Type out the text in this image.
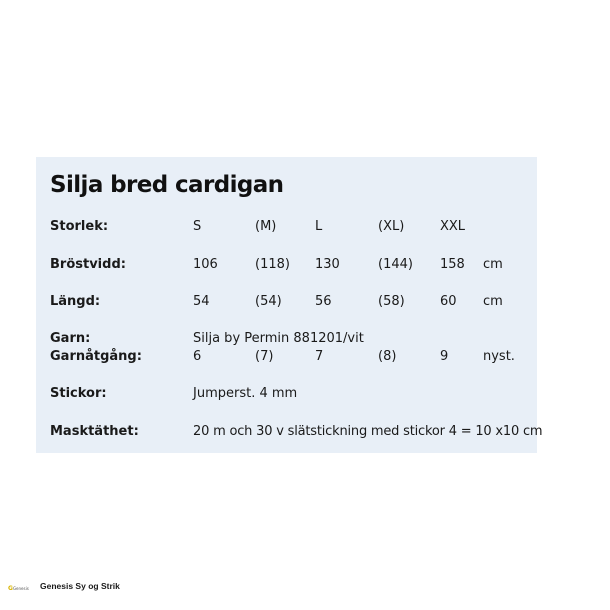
Silja bred cardigan
Storlek:	S	(M)	L	(XL)	XXL
Bröstvidd:	106	(118) 130	(144) 158 cm
Längd:	54	(54)	56	(58)	60 cm
Garn:	Silja by Permin 881201/vit
Garnåtgång:	6	(7)	7	(8)	9	nyst.
Stickor:	Jumperst. 4 mm
Masktäthet:	20 m och 30 v slätstickning med stickor 4 = 10 x10 cm
GGenesis Genesis Sy og Strik
